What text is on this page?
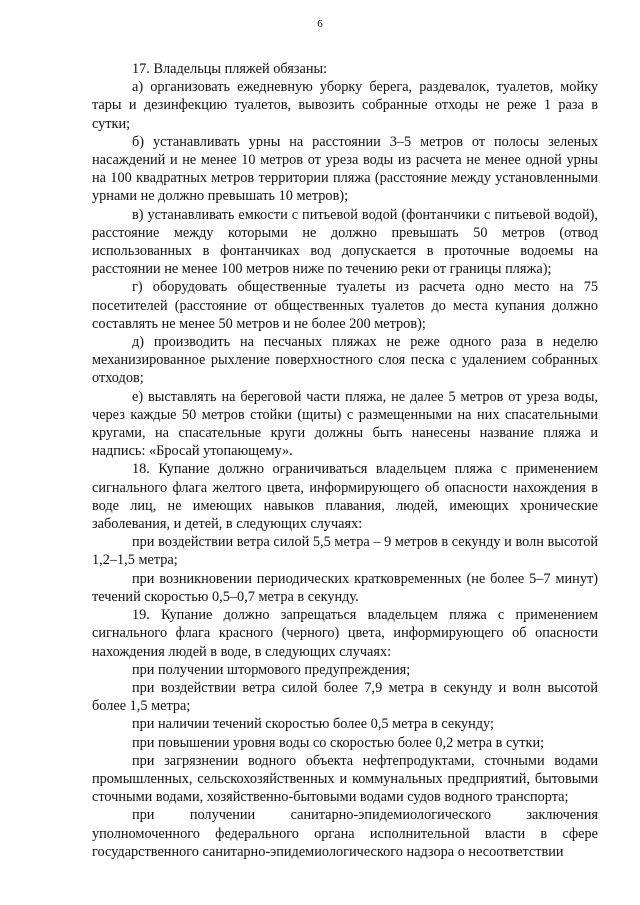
6

17. Владельцы пляжей обязаны:

а) организовать ежедневную уборку берега, раздевалок, туалетов, мойку тары и дезинфекцию туалетов, вывозить собранные отходы не реже 1 раза в сутки;

б) устанавливать урны на расстоянии 3–5 метров от полосы зеленых насаждений и не менее 10 метров от уреза воды из расчета не менее одной урны на 100 квадратных метров территории пляжа (расстояние между установленными урнами не должно превышать 10 метров);

в) устанавливать емкости с питьевой водой (фонтанчики с питьевой водой), расстояние между которыми не должно превышать 50 метров (отвод использованных в фонтанчиках вод допускается в проточные водоемы на расстоянии не менее 100 метров ниже по течению реки от границы пляжа);

г) оборудовать общественные туалеты из расчета одно место на 75 посетителей (расстояние от общественных туалетов до места купания должно составлять не менее 50 метров и не более 200 метров);

д) производить на песчаных пляжах не реже одного раза в неделю механизированное рыхление поверхностного слоя песка с удалением собранных отходов;

е) выставлять на береговой части пляжа, не далее 5 метров от уреза воды, через каждые 50 метров стойки (щиты) с размещенными на них спасательными кругами, на спасательные круги должны быть нанесены название пляжа и надпись: «Бросай утопающему».

18. Купание должно ограничиваться владельцем пляжа с применением сигнального флага желтого цвета, информирующего об опасности нахождения в воде лиц, не имеющих навыков плавания, людей, имеющих хронические заболевания, и детей, в следующих случаях:

при воздействии ветра силой 5,5 метра – 9 метров в секунду и волн высотой 1,2–1,5 метра;

при возникновении периодических кратковременных (не более 5–7 минут) течений скоростью 0,5–0,7 метра в секунду.

19. Купание должно запрещаться владельцем пляжа с применением сигнального флага красного (черного) цвета, информирующего об опасности нахождения людей в воде, в следующих случаях:

при получении штормового предупреждения;

при воздействии ветра силой более 7,9 метра в секунду и волн высотой более 1,5 метра;

при наличии течений скоростью более 0,5 метра в секунду;

при повышении уровня воды со скоростью более 0,2 метра в сутки;

при загрязнении водного объекта нефтепродуктами, сточными водами промышленных, сельскохозяйственных и коммунальных предприятий, бытовыми сточными водами, хозяйственно-бытовыми водами судов водного транспорта;

при получении санитарно-эпидемиологического заключения уполномоченного федерального органа исполнительной власти в сфере государственного санитарно-эпидемиологического надзора о несоответствии
